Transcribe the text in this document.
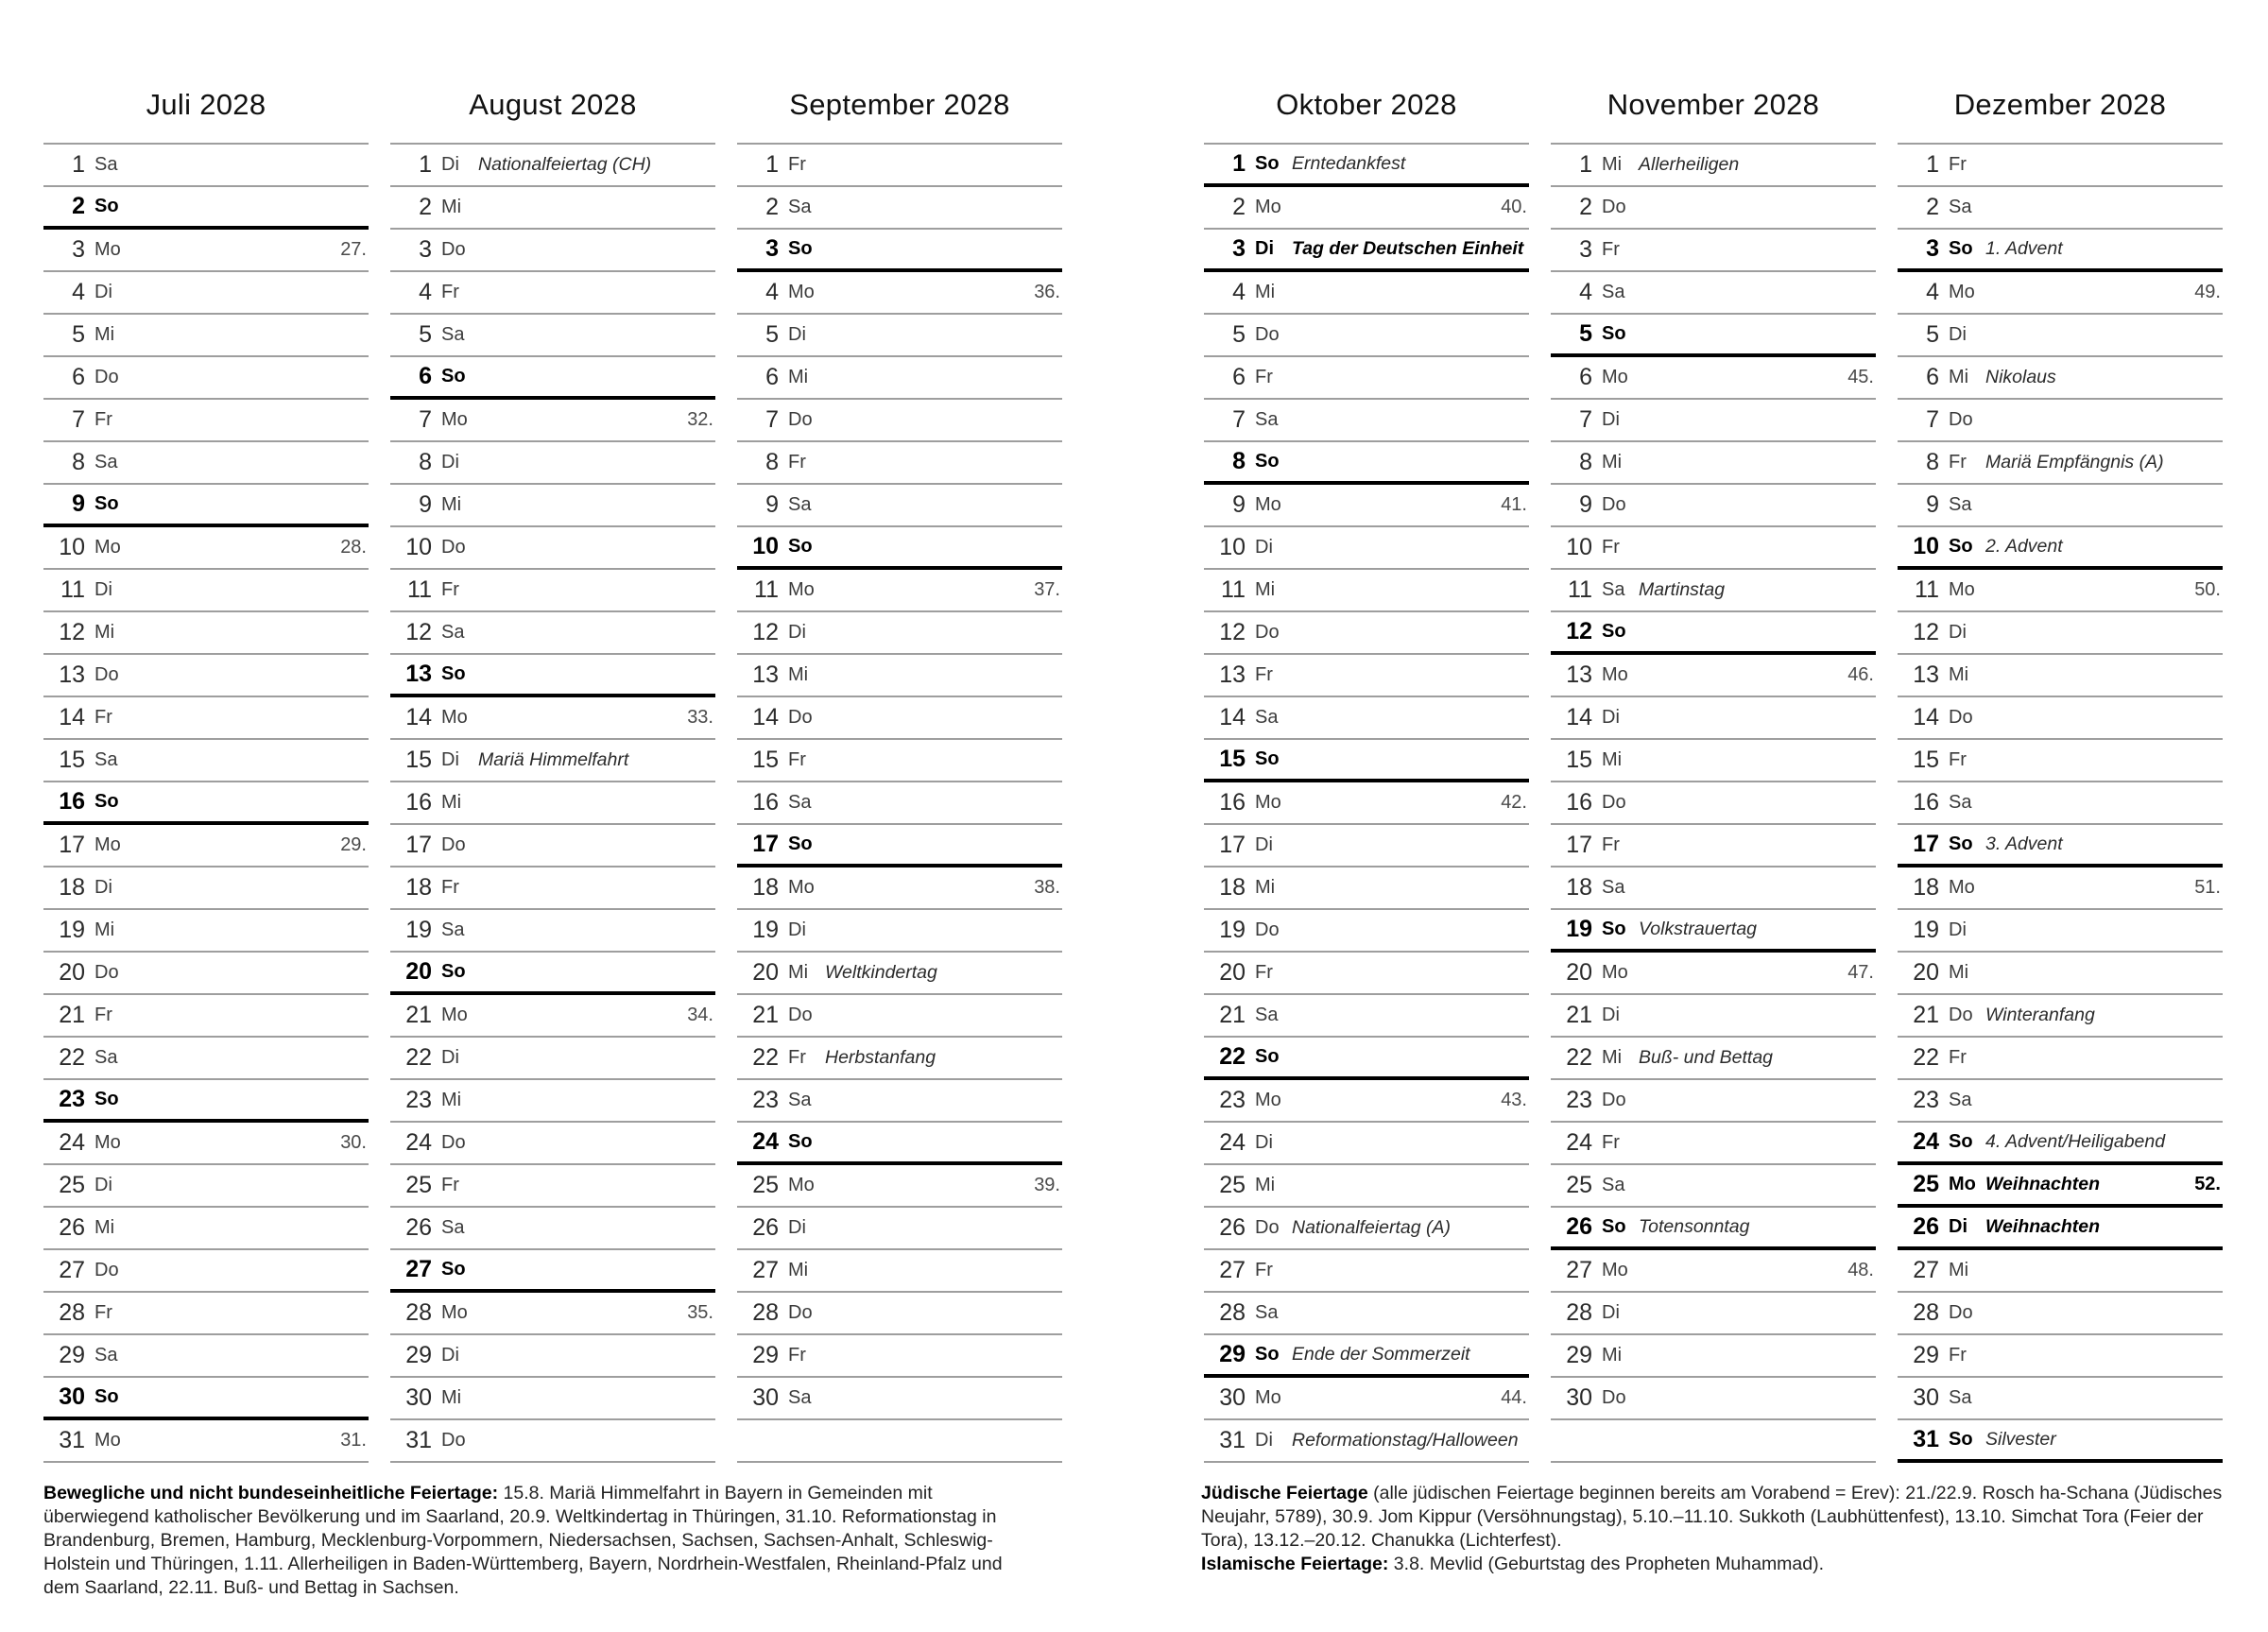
Juli 2028
1 Sa
2 So
3 Mo	27.
4 Di
5 Mi
6 Do
7 Fr
8 Sa
9 So
10 Mo	28.
11 Di
12 Mi
13 Do
14 Fr
15 Sa
16 So
17 Mo	29.
18 Di
19 Mi
20 Do
21 Fr
22 Sa
23 So
24 Mo	30.
25 Di
26 Mi
27 Do
28 Fr
29 Sa
30 So
31 Mo	31.
August 2028
1 Di	Nationalfeiertag (CH)
2 Mi
3 Do
4 Fr
5 Sa
6 So
7 Mo	32.
8 Di
9 Mi
10 Do
11 Fr
12 Sa
13 So
14 Mo	33.
15 Di	Mariä Himmelfahrt
16 Mi
17 Do
18 Fr
19 Sa
20 So
21 Mo	34.
22 Di
23 Mi
24 Do
25 Fr
26 Sa
27 So
28 Mo	35.
29 Di
30 Mi
31 Do
September 2028
1 Fr
2 Sa
3 So
4 Mo	36.
5 Di
6 Mi
7 Do
8 Fr
9 Sa
10 So
11 Mo	37.
12 Di
13 Mi
14 Do
15 Fr
16 Sa
17 So
18 Mo	38.
19 Di
20 Mi Weltkindertag
21 Do
22 Fr	Herbstanfang
23 Sa
24 So
25 Mo	39.
26 Di
27 Mi
28 Do
29 Fr
30 Sa
Oktober 2028
1 So Erntedankfest
2 Mo	40.
3 Di Tag der Deutschen Einheit
4 Mi
5 Do
6 Fr
7 Sa
8 So
9 Mo	41.
10 Di
11 Mi
12 Do
13 Fr
14 Sa
15 So
16 Mo	42.
17 Di
18 Mi
19 Do
20 Fr
21 Sa
22 So
23 Mo	43.
24 Di
25 Mi
26 Do Nationalfeiertag (A)
27 Fr
28 Sa
29 So Ende der Sommerzeit
30 Mo	44.
31 Di	Reformationstag/Halloween
November 2028
1 Mi Allerheiligen
2 Do
3 Fr
4 Sa
5 So
6 Mo	45.
7 Di
8 Mi
9 Do
10 Fr
11 Sa Martinstag
12 So
13 Mo	46.
14 Di
15 Mi
16 Do
17 Fr
18 Sa
19 So Volkstrauertag
20 Mo	47.
21 Di
22 Mi Buß- und Bettag
23 Do
24 Fr
25 Sa
26 So Totensonntag
27 Mo	48.
28 Di
29 Mi
30 Do
Dezember 2028
1 Fr
2 Sa
3 So 1. Advent
4 Mo	49.
5 Di
6 Mi Nikolaus
7 Do
8 Fr	Mariä Empfängnis (A)
9 Sa
10 So 2. Advent
11 Mo	50.
12 Di
13 Mi
14 Do
15 Fr
16 Sa
17 So 3. Advent
18 Mo	51.
19 Di
20 Mi
21 Do Winteranfang
22 Fr
23 Sa
24 So 4. Advent/Heiligabend
25 Mo Weihnachten	52.
26 Di Weihnachten
27 Mi
28 Do
29 Fr
30 Sa
31 So Silvester

Bewegliche und nicht bundeseinheitliche Feiertage: 15.8. Mariä Himmelfahrt in Bayern in Gemeinden mit überwiegend katholischer Bevölkerung und im Saarland, 20.9. Weltkindertag in Thüringen, 31.10. Reformationstag in Brandenburg, Bremen, Hamburg, Mecklenburg-Vorpommern, Niedersachsen, Sachsen, Sachsen-Anhalt, Schleswig-Holstein und Thüringen, 1.11. Allerheiligen in Baden-Württemberg, Bayern, Nordrhein-Westfalen, Rheinland-Pfalz und dem Saarland, 22.11. Buß- und Bettag in Sachsen.

Jüdische Feiertage (alle jüdischen Feiertage beginnen bereits am Vorabend = Erev): 21./22.9. Rosch ha-Schana (Jüdisches Neujahr, 5789), 30.9. Jom Kippur (Versöhnungstag), 5.10.–11.10. Sukkoth (Laubhüttenfest), 13.10. Simchat Tora (Feier der Tora), 13.12.–20.12. Chanukka (Lichterfest).

Islamische Feiertage: 3.8. Mevlid (Geburtstag des Propheten Muhammad).
